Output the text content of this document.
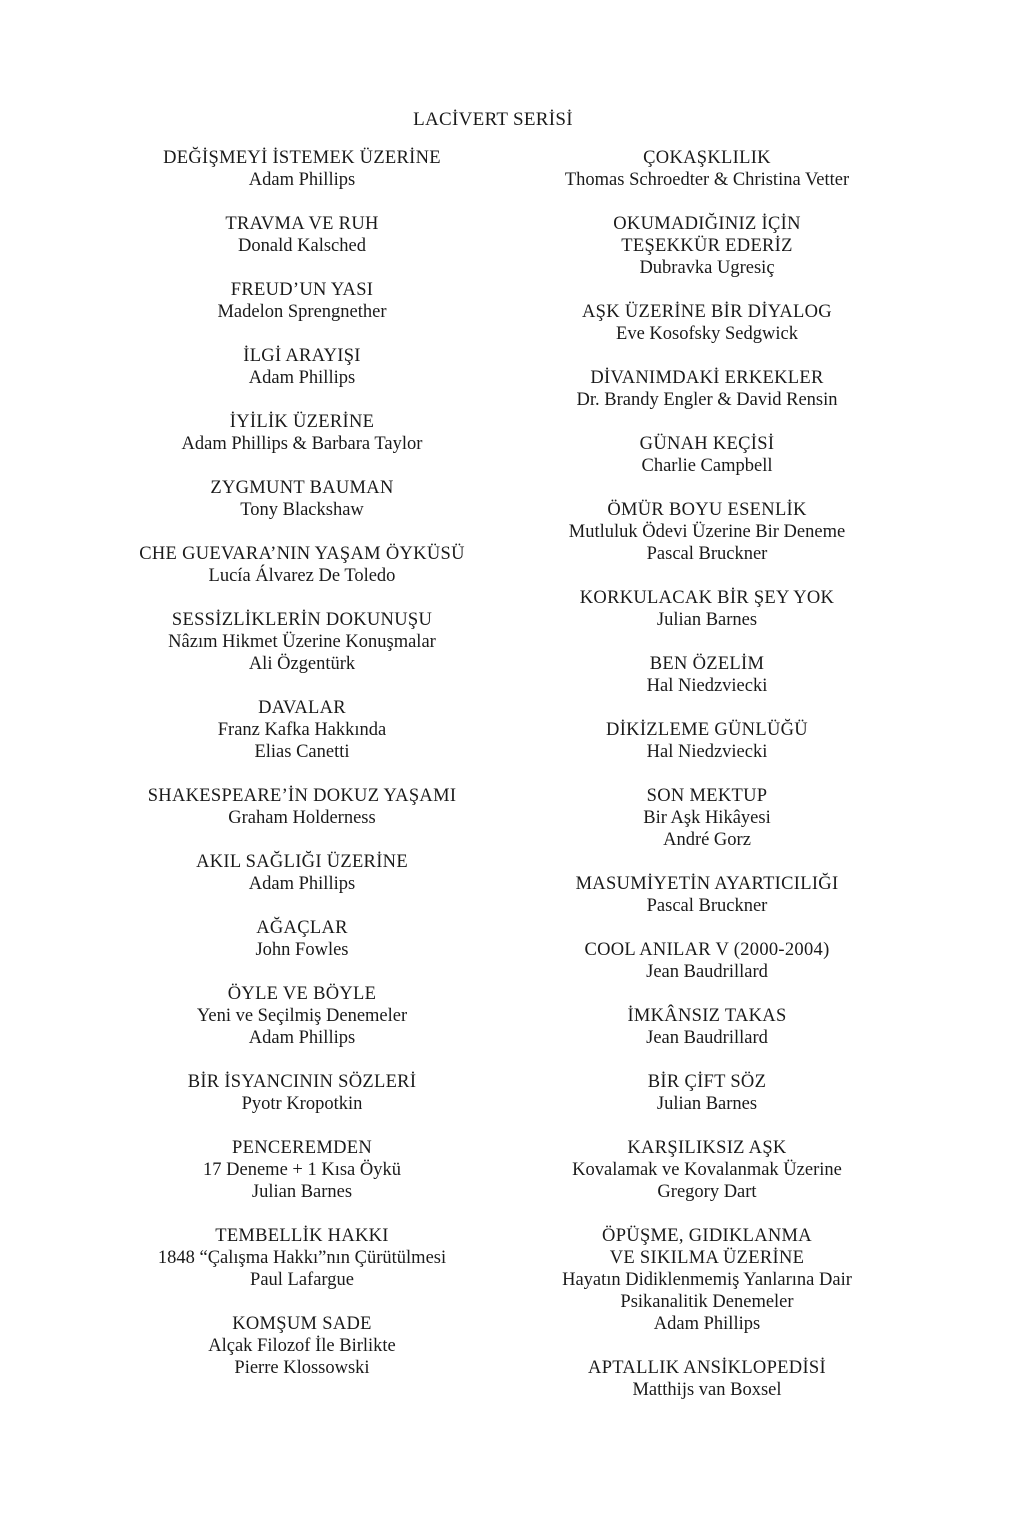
LACİVERT SERİSİ
DEĞİŞMEYİ İSTEMEK ÜZERİNE
Adam Phillips
TRAVMA VE RUH
Donald Kalsched
FREUD’UN YASI
Madelon Sprengnether
İLGİ ARAYIŞI
Adam Phillips
İYİLİK ÜZERİNE
Adam Phillips & Barbara Taylor
ZYGMUNT BAUMAN
Tony Blackshaw
CHE GUEVARA’NIN YAŞAM ÖYKÜSÜ
Lucía Álvarez De Toledo
SESSİZLİKLERİN DOKUNUŞU
Nâzım Hikmet Üzerine Konuşmalar
Ali Özgentürk
DAVALAR
Franz Kafka Hakkında
Elias Canetti
SHAKESPEARE’İN DOKUZ YAŞAMI
Graham Holderness
AKIL SAĞLIĞI ÜZERİNE
Adam Phillips
AĞAÇLAR
John Fowles
ÖYLE VE BÖYLE
Yeni ve Seçilmiş Denemeler
Adam Phillips
BİR İSYANCININ SÖZLERİ
Pyotr Kropotkin
PENCEREMDEN
17 Deneme + 1 Kısa Öykü
Julian Barnes
TEMBELLİK HAKKI
1848 “Çalışma Hakkı”nın Çürütülmesi
Paul Lafargue
KOMŞUM SADE
Alçak Filozof İle Birlikte
Pierre Klossowski
ÇOKAŞKLILIK
Thomas Schroedter & Christina Vetter
OKUMADIĞINIZ İÇİN
TEŞEKKÜR EDERİZ
Dubravka Ugresiç
AŞK ÜZERİNE BİR DİYALOG
Eve Kosofsky Sedgwick
DİVANIMDAKİ ERKEKLER
Dr. Brandy Engler & David Rensin
GÜNAH KEÇİSİ
Charlie Campbell
ÖMÜR BOYU ESENLİK
Mutluluk Ödevi Üzerine Bir Deneme
Pascal Bruckner
KORKULACAK BİR ŞEY YOK
Julian Barnes
BEN ÖZELİM
Hal Niedzviecki
DİKİZLEME GÜNLÜĞÜ
Hal Niedzviecki
SON MEKTUP
Bir Aşk Hikâyesi
André Gorz
MASUMİYETİN AYARTICILIĞI
Pascal Bruckner
COOL ANILAR V (2000-2004)
Jean Baudrillard
İMKÂNSIZ TAKAS
Jean Baudrillard
BİR ÇİFT SÖZ
Julian Barnes
KARŞILIKSIZ AŞK
Kovalamak ve Kovalanmak Üzerine
Gregory Dart
ÖPÜŞME, GIDIKLANMA
VE SIKILMA ÜZERİNE
Hayatın Didiklenmemiş Yanlarına Dair
Psikanalitik Denemeler
Adam Phillips
APTALLIK ANSİKLOPEDİSİ
Matthijs van Boxsel
